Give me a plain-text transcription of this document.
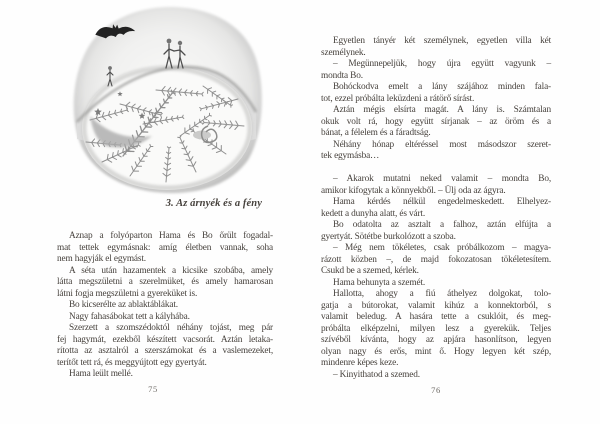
3. Az árnyék és a fény
Aznap a folyóparton Hama és Bo őrült fogadal-
mat tettek egymásnak: amíg életben vannak, soha
nem hagyják el egymást.
A séta után hazamentek a kicsike szobába, amely
látta megszületni a szerelmüket, és amely hamarosan
látni fogja megszületni a gyereküket is.
Bo kicserélte az ablaktáblákat.
Nagy fahasábokat tett a kályhába.
Szerzett a szomszédoktól néhány tojást, meg pár
fej hagymát, ezekből készített vacsorát. Aztán letaka-
rította az asztalról a szerszámokat és a vaslemezeket,
terítőt tett rá, és meggyújtott egy gyertyát.
Hama leült mellé.
75
Egyetlen tányér két személynek, egyetlen villa két
személynek.
– Megünnepeljük, hogy újra együtt vagyunk –
mondta Bo.
Bohóckodva emelt a lány szájához minden fala-
tot, ezzel próbálta leküzdeni a rátörő sírást.
Aztán mégis elsírta magát. A lány is. Számtalan
okuk volt rá, hogy együtt sírjanak – az öröm és a
bánat, a félelem és a fáradtság.
Néhány hónap eltéréssel most másodszor szeret-
tek egymásba…

– Akarok mutatni neked valamit – mondta Bo,
amikor kifogytak a könnyekből. – Ülj oda az ágyra.
Hama kérdés nélkül engedelmeskedett. Elhelyez-
kedett a dunyha alatt, és várt.
Bo odatolta az asztalt a falhoz, aztán elfújta a
gyertyát. Sötétbe burkolózott a szoba.
– Még nem tökéletes, csak próbálkozom – magya-
rázott közben –, de majd fokozatosan tökéletesítem.
Csukd be a szemed, kérlek.
Hama behunyta a szemét.
Hallotta, ahogy a fiú áthelyez dolgokat, tolo-
gatja a bútorokat, valamit kihúz a konnektorból, s
valamit beledug. A hasára tette a csuklóit, és meg-
próbálta elképzelni, milyen lesz a gyerekük. Teljes
szívéből kívánta, hogy az apjára hasonlítson, legyen
olyan nagy és erős, mint ő. Hogy legyen két szép,
mindenre képes keze.
– Kinyithatod a szemed.
76
